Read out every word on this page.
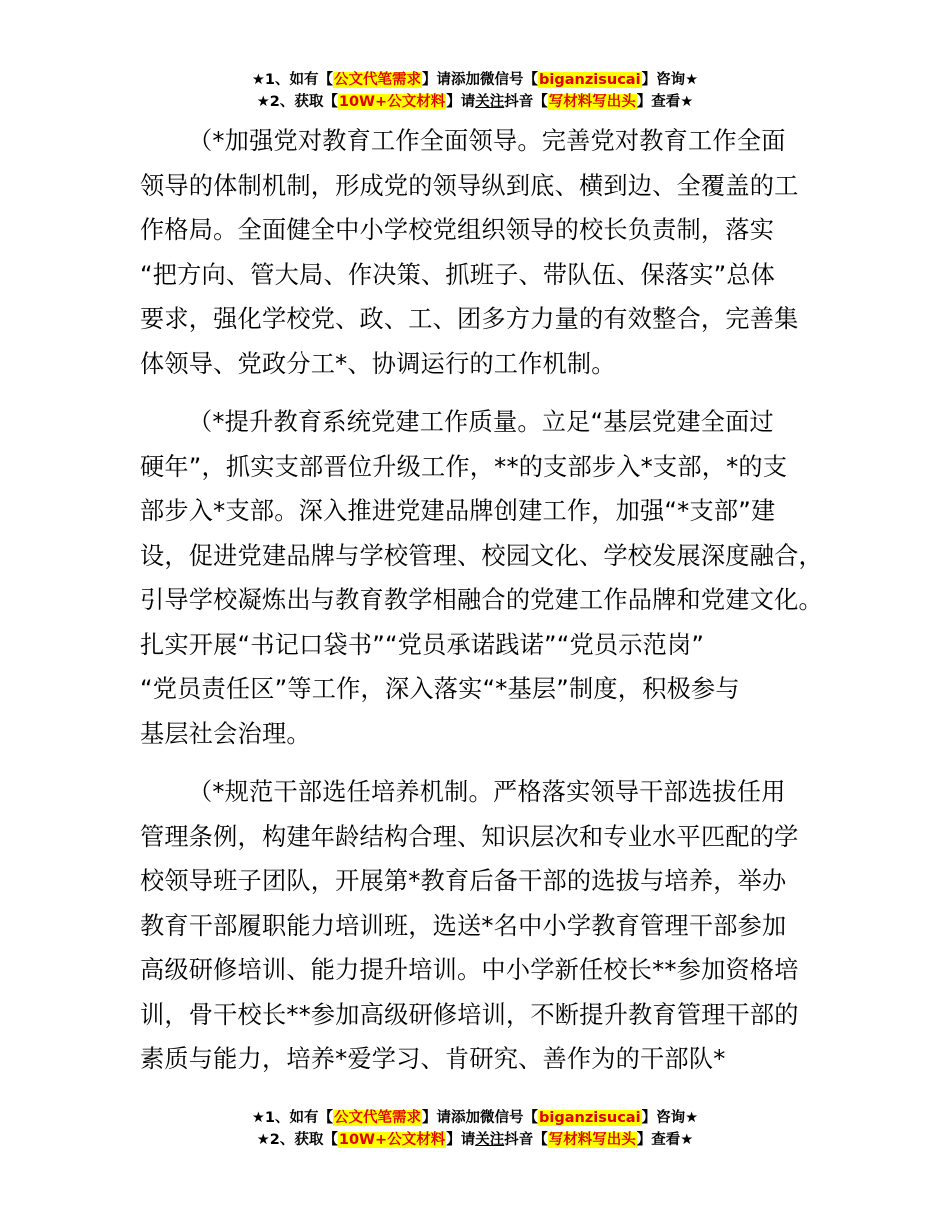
★1、如有【公文代笔需求】请添加微信号【biganzisucai】咨询★
★2、获取【10W+公文材料】请关注抖音【写材料写出头】查看★

（*加强党对教育工作全面领导。完善党对教育工作全面
领导的体制机制，形成党的领导纵到底、横到边、全覆盖的工
作格局。全面健全中小学校党组织领导的校长负责制，落实
“把方向、管大局、作决策、抓班子、带队伍、保落实”总体
要求，强化学校党、政、工、团多方力量的有效整合，完善集
体领导、党政分工*、协调运行的工作机制。

（*提升教育系统党建工作质量。立足“基层党建全面过
硬年”，抓实支部晋位升级工作，**的支部步入*支部，*的支
部步入*支部。深入推进党建品牌创建工作，加强“*支部”建
设，促进党建品牌与学校管理、校园文化、学校发展深度融合，
引导学校凝炼出与教育教学相融合的党建工作品牌和党建文化。
扎实开展“书记口袋书”“党员承诺践诺”“党员示范岗”
“党员责任区”等工作，深入落实“*基层”制度，积极参与
基层社会治理。

（*规范干部选任培养机制。严格落实领导干部选拔任用
管理条例，构建年龄结构合理、知识层次和专业水平匹配的学
校领导班子团队，开展第*教育后备干部的选拔与培养，举办
教育干部履职能力培训班，选送*名中小学教育管理干部参加
高级研修培训、能力提升培训。中小学新任校长**参加资格培
训，骨干校长**参加高级研修培训，不断提升教育管理干部的
素质与能力，培养*爱学习、肯研究、善作为的干部队*

★1、如有【公文代笔需求】请添加微信号【biganzisucai】咨询★
★2、获取【10W+公文材料】请关注抖音【写材料写出头】查看★
